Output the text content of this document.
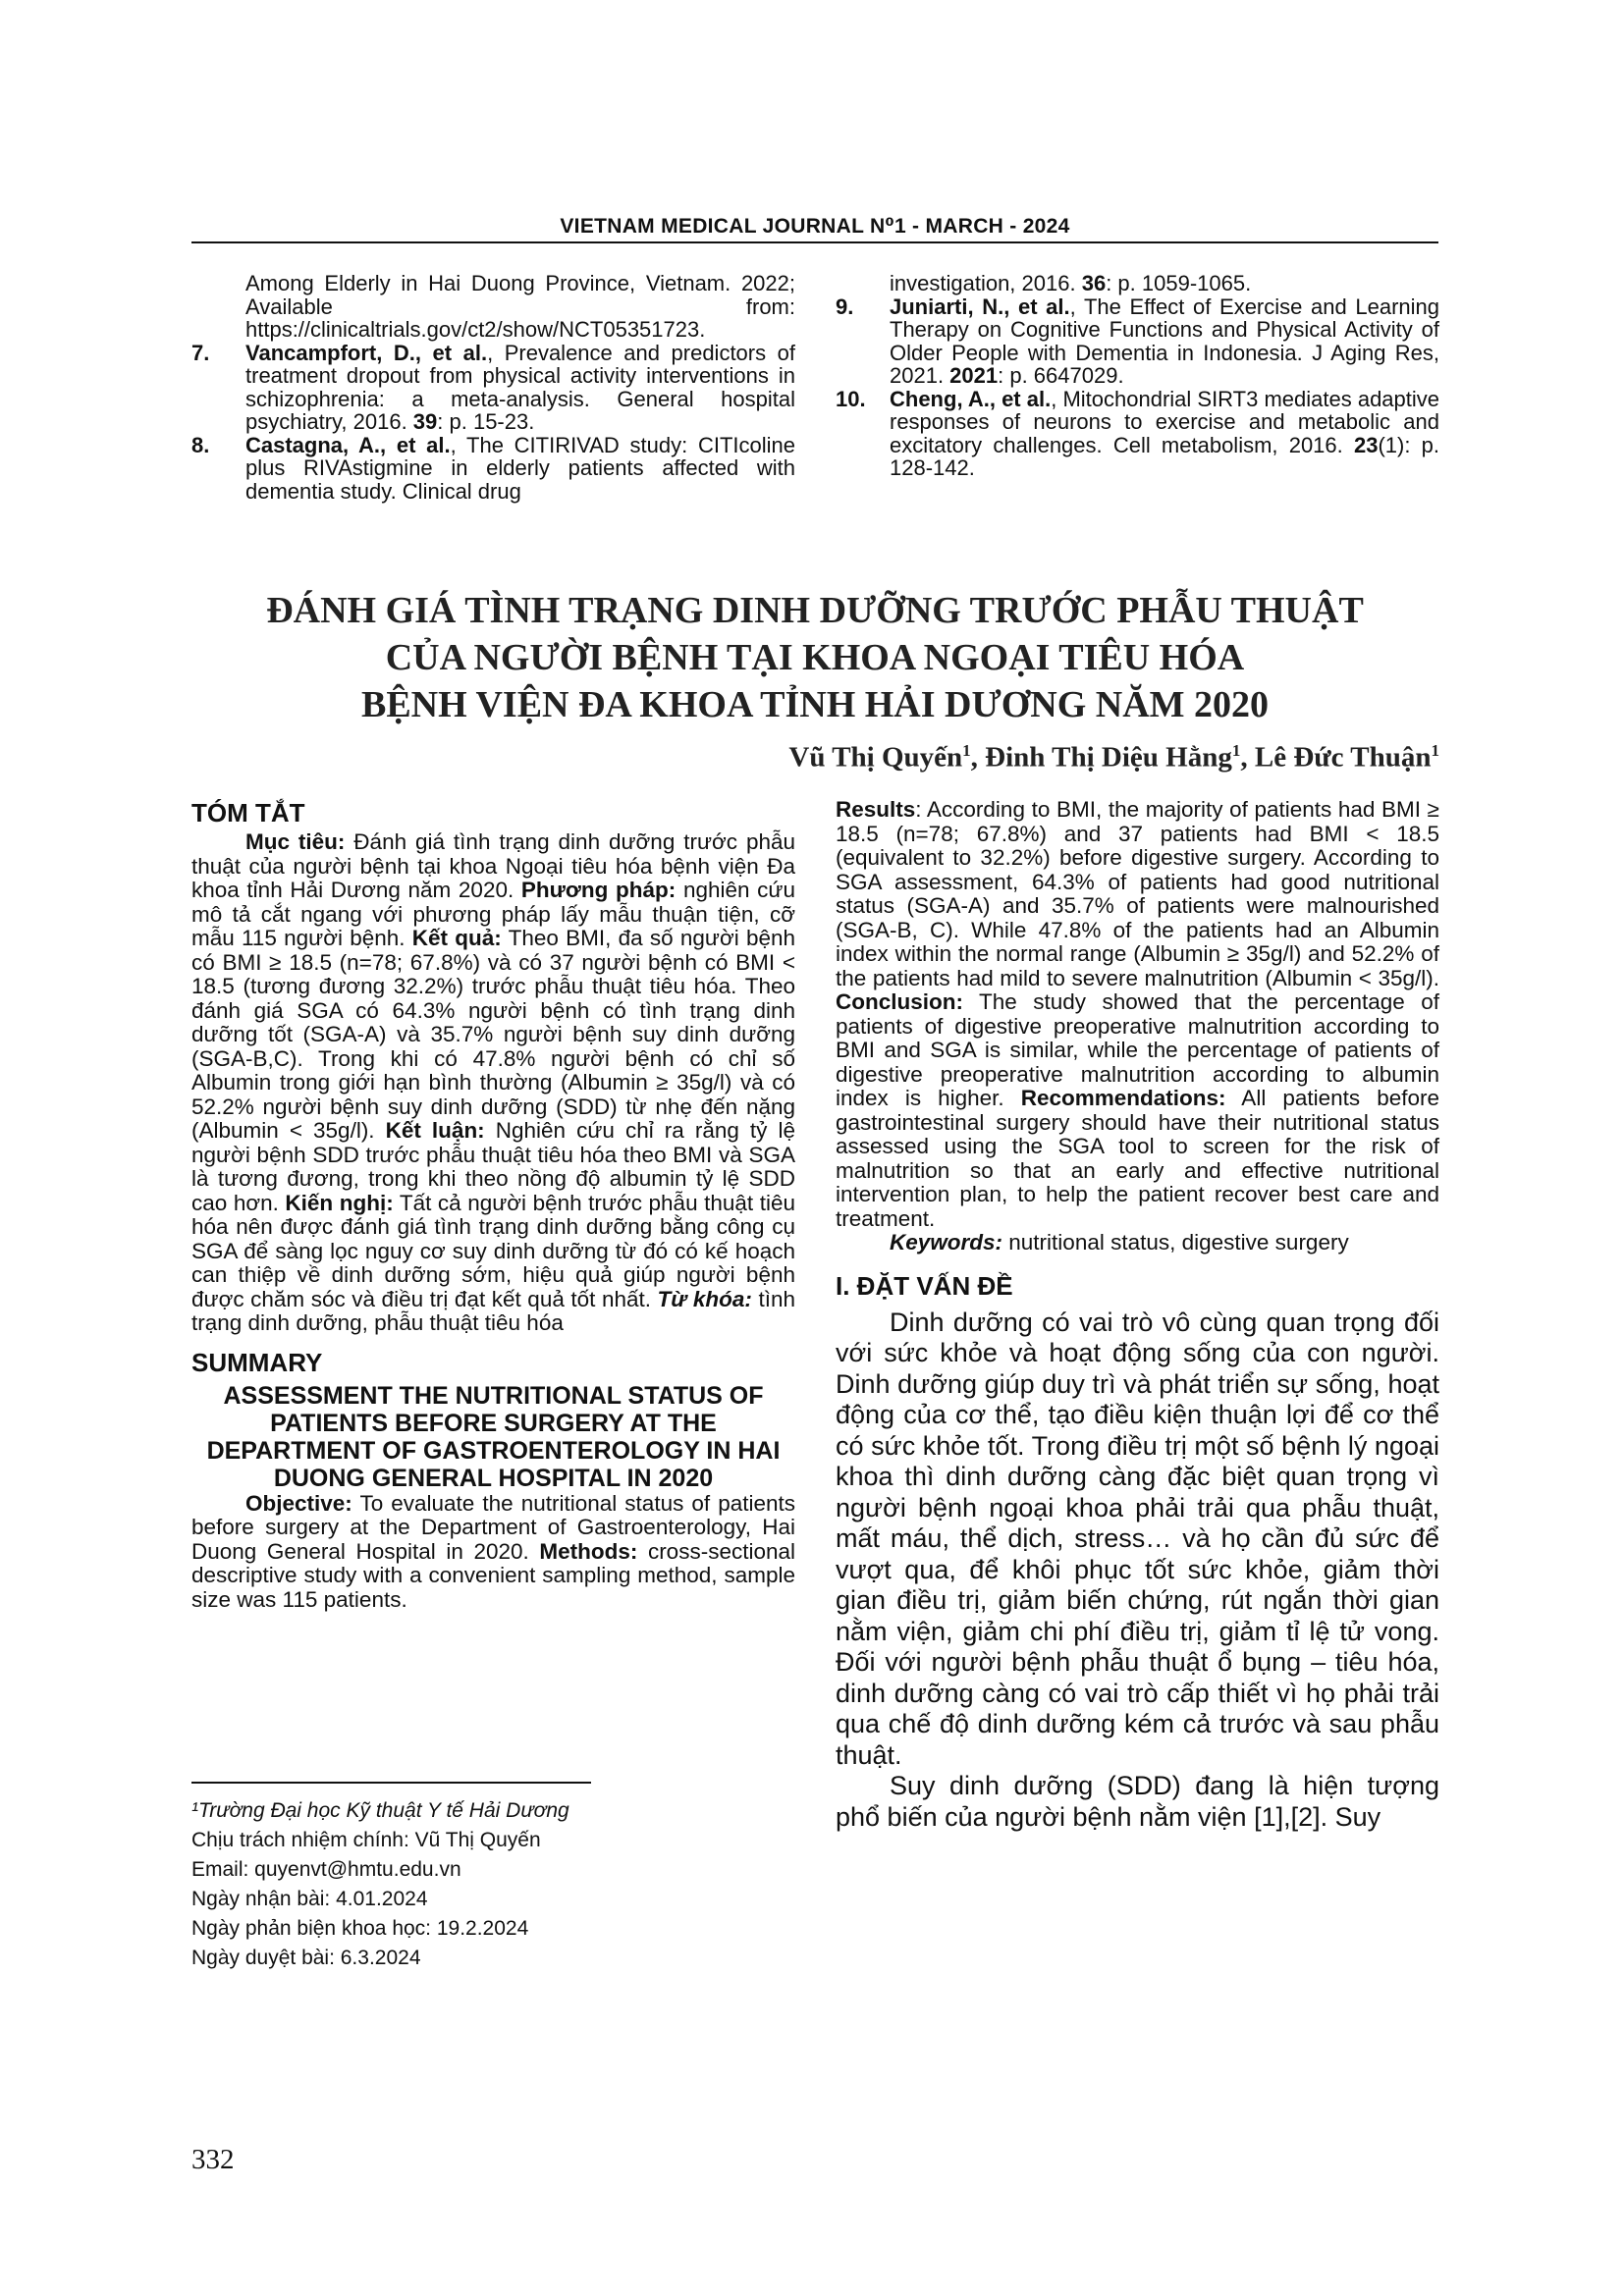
VIETNAM MEDICAL JOURNAL N⁰1 - MARCH - 2024
Among Elderly in Hai Duong Province, Vietnam. 2022; Available from: https://clinicaltrials.gov/ct2/show/NCT05351723.
7. Vancampfort, D., et al., Prevalence and predictors of treatment dropout from physical activity interventions in schizophrenia: a meta-analysis. General hospital psychiatry, 2016. 39: p. 15-23.
8. Castagna, A., et al., The CITIRIVAD study: CITIcoline plus RIVAstigmine in elderly patients affected with dementia study. Clinical drug
investigation, 2016. 36: p. 1059-1065.
9. Juniarti, N., et al., The Effect of Exercise and Learning Therapy on Cognitive Functions and Physical Activity of Older People with Dementia in Indonesia. J Aging Res, 2021. 2021: p. 6647029.
10. Cheng, A., et al., Mitochondrial SIRT3 mediates adaptive responses of neurons to exercise and metabolic and excitatory challenges. Cell metabolism, 2016. 23(1): p. 128-142.
ĐÁNH GIÁ TÌNH TRẠNG DINH DƯỠNG TRƯỚC PHẪU THUẬT
CỦA NGƯỜI BỆNH TẠI KHOA NGOẠI TIÊU HÓA
BỆNH VIỆN ĐA KHOA TỈNH HẢI DƯƠNG NĂM 2020
Vũ Thị Quyến$^1$, Đinh Thị Diệu Hằng$^1$, Lê Đức Thuận$^1$
TÓM TẮT
Mục tiêu: Đánh giá tình trạng dinh dưỡng trước phẫu thuật của người bệnh tại khoa Ngoại tiêu hóa bệnh viện Đa khoa tỉnh Hải Dương năm 2020. Phương pháp: nghiên cứu mô tả cắt ngang với phương pháp lấy mẫu thuận tiện, cỡ mẫu 115 người bệnh. Kết quả: Theo BMI, đa số người bệnh có BMI ≥ 18.5 (n=78; 67.8%) và có 37 người bệnh có BMI < 18.5 (tương đương 32.2%) trước phẫu thuật tiêu hóa. Theo đánh giá SGA có 64.3% người bệnh có tình trạng dinh dưỡng tốt (SGA-A) và 35.7% người bệnh suy dinh dưỡng (SGA-B,C). Trong khi có 47.8% người bệnh có chỉ số Albumin trong giới hạn bình thường (Albumin ≥ 35g/l) và có 52.2% người bệnh suy dinh dưỡng (SDD) từ nhẹ đến nặng (Albumin < 35g/l). Kết luận: Nghiên cứu chỉ ra rằng tỷ lệ người bệnh SDD trước phẫu thuật tiêu hóa theo BMI và SGA là tương đương, trong khi theo nồng độ albumin tỷ lệ SDD cao hơn. Kiến nghị: Tất cả người bệnh trước phẫu thuật tiêu hóa nên được đánh giá tình trạng dinh dưỡng bằng công cụ SGA để sàng lọc nguy cơ suy dinh dưỡng từ đó có kế hoạch can thiệp về dinh dưỡng sớm, hiệu quả giúp người bệnh được chăm sóc và điều trị đạt kết quả tốt nhất. Từ khóa: tình trạng dinh dưỡng, phẫu thuật tiêu hóa
SUMMARY
ASSESSMENT THE NUTRITIONAL STATUS OF PATIENTS BEFORE SURGERY AT THE DEPARTMENT OF GASTROENTEROLOGY IN HAI DUONG GENERAL HOSPITAL IN 2020
Objective: To evaluate the nutritional status of patients before surgery at the Department of Gastroenterology, Hai Duong General Hospital in 2020. Methods: cross-sectional descriptive study with a convenient sampling method, sample size was 115 patients.
Results: According to BMI, the majority of patients had BMI ≥ 18.5 (n=78; 67.8%) and 37 patients had BMI < 18.5 (equivalent to 32.2%) before digestive surgery. According to SGA assessment, 64.3% of patients had good nutritional status (SGA-A) and 35.7% of patients were malnourished (SGA-B, C). While 47.8% of the patients had an Albumin index within the normal range (Albumin ≥ 35g/l) and 52.2% of the patients had mild to severe malnutrition (Albumin < 35g/l). Conclusion: The study showed that the percentage of patients of digestive preoperative malnutrition according to BMI and SGA is similar, while the percentage of patients of digestive preoperative malnutrition according to albumin index is higher. Recommendations: All patients before gastrointestinal surgery should have their nutritional status assessed using the SGA tool to screen for the risk of malnutrition so that an early and effective nutritional intervention plan, to help the patient recover best care and treatment.
Keywords: nutritional status, digestive surgery
I. ĐẶT VẤN ĐỀ

Dinh dưỡng có vai trò vô cùng quan trọng đối với sức khỏe và hoạt động sống của con người. Dinh dưỡng giúp duy trì và phát triển sự sống, hoạt động của cơ thể, tạo điều kiện thuận lợi để cơ thể có sức khỏe tốt. Trong điều trị một số bệnh lý ngoại khoa thì dinh dưỡng càng đặc biệt quan trọng vì người bệnh ngoại khoa phải trải qua phẫu thuật, mất máu, thể dịch, stress… và họ cần đủ sức để vượt qua, để khôi phục tốt sức khỏe, giảm thời gian điều trị, giảm biến chứng, rút ngắn thời gian nằm viện, giảm chi phí điều trị, giảm tỉ lệ tử vong. Đối với người bệnh phẫu thuật ổ bụng – tiêu hóa, dinh dưỡng càng có vai trò cấp thiết vì họ phải trải qua chế độ dinh dưỡng kém cả trước và sau phẫu thuật.

Suy dinh dưỡng (SDD) đang là hiện tượng phổ biến của người bệnh nằm viện [1],[2]. Suy

¹Trường Đại học Kỹ thuật Y tế Hải Dương
Chịu trách nhiệm chính: Vũ Thị Quyến
Email: quyenvt@hmtu.edu.vn
Ngày nhận bài: 4.01.2024
Ngày phản biện khoa học: 19.2.2024
Ngày duyệt bài: 6.3.2024
332
